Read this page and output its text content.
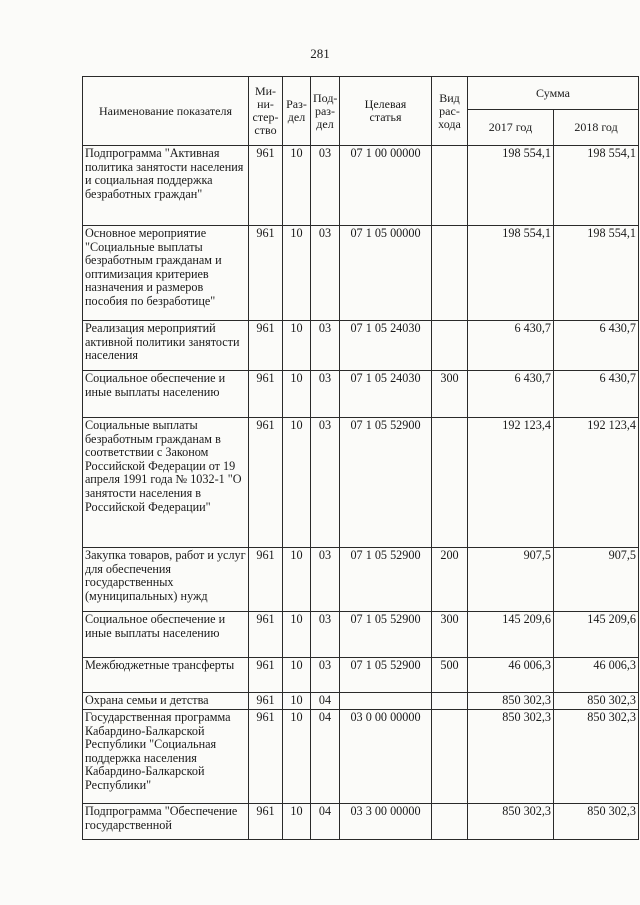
281
Наименование показателя	Ми-
ни-
стер-
ство	Раз-
дел	Под-
раз-
дел	Целевая
статья	Вид
рас-
хода	Сумма	
						2017 год	2018 год
Подпрограмма "Активная политика занятости населения и социальная поддержка безработных граждан"	961	10	03	07 1 00 00000		198 554,1	198 554,1
Основное мероприятие "Социальные выплаты безработным гражданам и оптимизация критериев назначения и размеров пособия по безработице"	961	10	03	07 1 05 00000		198 554,1	198 554,1
Реализация мероприятий активной политики занятости населения	961	10	03	07 1 05 24030		6 430,7	6 430,7
Социальное обеспечение и иные выплаты населению	961	10	03	07 1 05 24030	300	6 430,7	6 430,7
Социальные выплаты безработным гражданам в соответствии с Законом Российской Федерации от 19 апреля 1991 года № 1032-1 "О занятости населения в Российской Федерации"	961	10	03	07 1 05 52900		192 123,4	192 123,4
Закупка товаров, работ и услуг для обеспечения государственных (муниципальных) нужд	961	10	03	07 1 05 52900	200	907,5	907,5
Социальное обеспечение и иные выплаты населению	961	10	03	07 1 05 52900	300	145 209,6	145 209,6
Межбюджетные трансферты	961	10	03	07 1 05 52900	500	46 006,3	46 006,3
Охрана семьи и детства	961	10	04			850 302,3	850 302,3
Государственная программа Кабардино-Балкарской Республики "Социальная поддержка населения Кабардино-Балкарской Республики"	961	10	04	03 0 00 00000		850 302,3	850 302,3
Подпрограмма "Обеспечение государственной	961	10	04	03 3 00 00000		850 302,3	850 302,3
